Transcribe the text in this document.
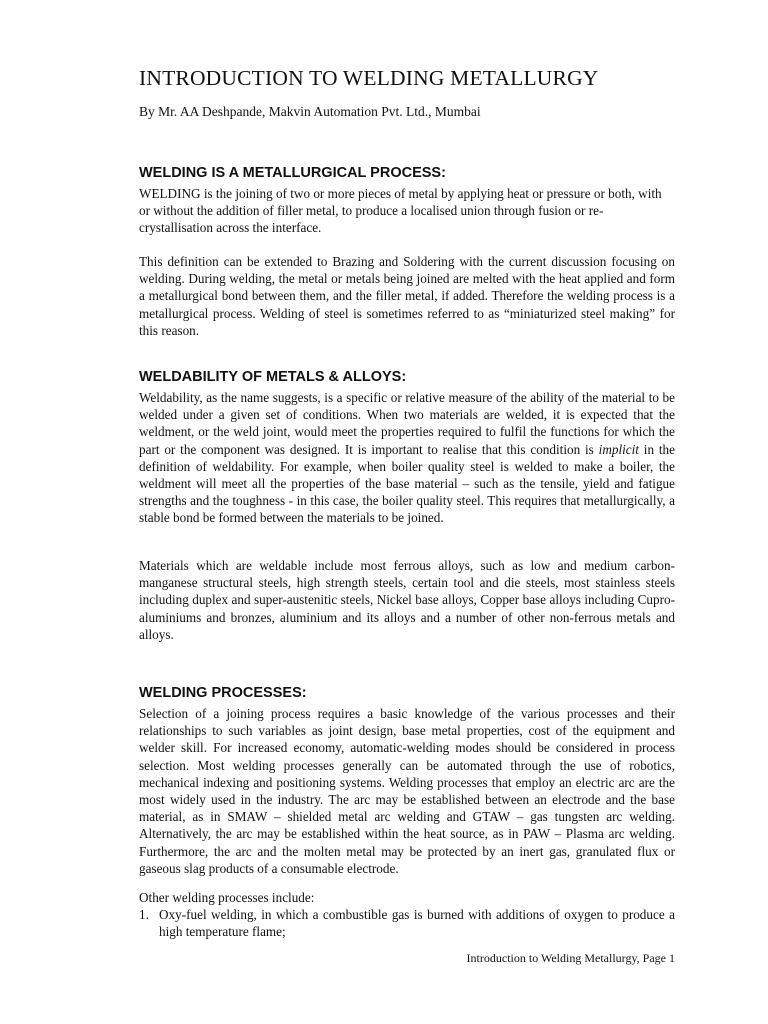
INTRODUCTION TO WELDING METALLURGY

By Mr. AA Deshpande, Makvin Automation Pvt. Ltd., Mumbai

WELDING IS A METALLURGICAL PROCESS:

WELDING is the joining of two or more pieces of metal by applying heat or pressure or both, with or without the addition of filler metal, to produce a localised union through fusion or re-crystallisation across the interface.

This definition can be extended to Brazing and Soldering with the current discussion focusing on welding. During welding, the metal or metals being joined are melted with the heat applied and form a metallurgical bond between them, and the filler metal, if added. Therefore the welding process is a metallurgical process. Welding of steel is sometimes referred to as “miniaturized steel making” for this reason.

WELDABILITY OF METALS & ALLOYS:

Weldability, as the name suggests, is a specific or relative measure of the ability of the material to be welded under a given set of conditions. When two materials are welded, it is expected that the weldment, or the weld joint, would meet the properties required to fulfil the functions for which the part or the component was designed. It is important to realise that this condition is implicit in the definition of weldability. For example, when boiler quality steel is welded to make a boiler, the weldment will meet all the properties of the base material – such as the tensile, yield and fatigue strengths and the toughness - in this case, the boiler quality steel. This requires that metallurgically, a stable bond be formed between the materials to be joined.

Materials which are weldable include most ferrous alloys, such as low and medium carbon-manganese structural steels, high strength steels, certain tool and die steels, most stainless steels including duplex and super-austenitic steels, Nickel base alloys, Copper base alloys including Cupro-aluminiums and bronzes, aluminium and its alloys and a number of other non-ferrous metals and alloys.

WELDING PROCESSES:

Selection of a joining process requires a basic knowledge of the various processes and their relationships to such variables as joint design, base metal properties, cost of the equipment and welder skill. For increased economy, automatic-welding modes should be considered in process selection. Most welding processes generally can be automated through the use of robotics, mechanical indexing and positioning systems. Welding processes that employ an electric arc are the most widely used in the industry. The arc may be established between an electrode and the base material, as in SMAW – shielded metal arc welding and GTAW – gas tungsten arc welding. Alternatively, the arc may be established within the heat source, as in PAW – Plasma arc welding. Furthermore, the arc and the molten metal may be protected by an inert gas, granulated flux or gaseous slag products of a consumable electrode.

Other welding processes include:

1. Oxy-fuel welding, in which a combustible gas is burned with additions of oxygen to produce a high temperature flame;

Introduction to Welding Metallurgy, Page 1
